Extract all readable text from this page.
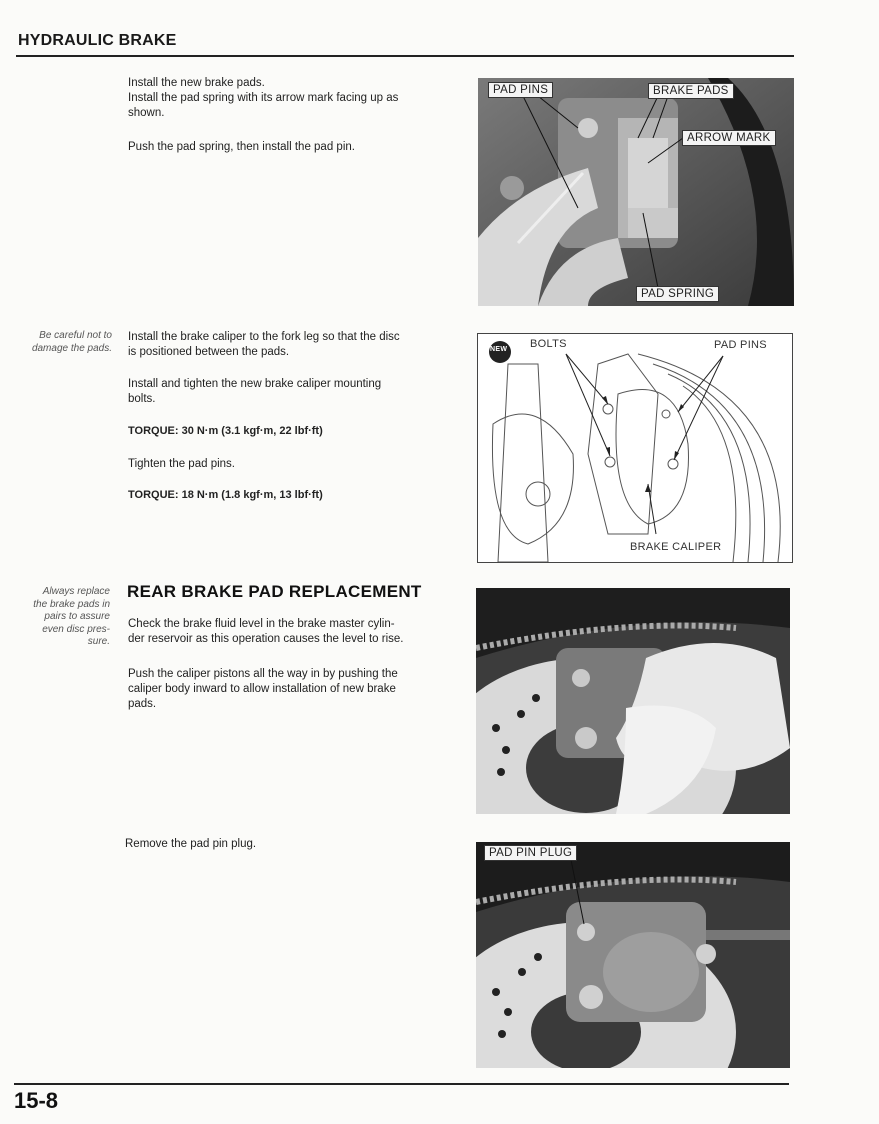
HYDRAULIC BRAKE
Install the new brake pads.
Install the pad spring with its arrow mark facing up as
shown.
Push the pad spring, then install the pad pin.
PAD PINS	BRAKE PADS
ARROW MARK
PAD SPRING
Be careful not to
damage the pads.
Install the brake caliper to the fork leg so that the disc
is positioned between the pads.
Install and tighten the new brake caliper mounting
bolts.
TORQUE: 30 N·m (3.1 kgf·m, 22 lbf·ft)
Tighten the pad pins.
TORQUE: 18 N·m (1.8 kgf·m, 13 lbf·ft)
NEW BOLTS	PAD PINS
BRAKE CALIPER
Always replace
the brake pads in
pairs to assure
even disc pres-
sure.
REAR BRAKE PAD REPLACEMENT
Check the brake fluid level in the brake master cylin-
der reservoir as this operation causes the level to rise.
Push the caliper pistons all the way in by pushing the
caliper body inward to allow installation of new brake
pads.
Remove the pad pin plug.
PAD PIN PLUG
15-8
